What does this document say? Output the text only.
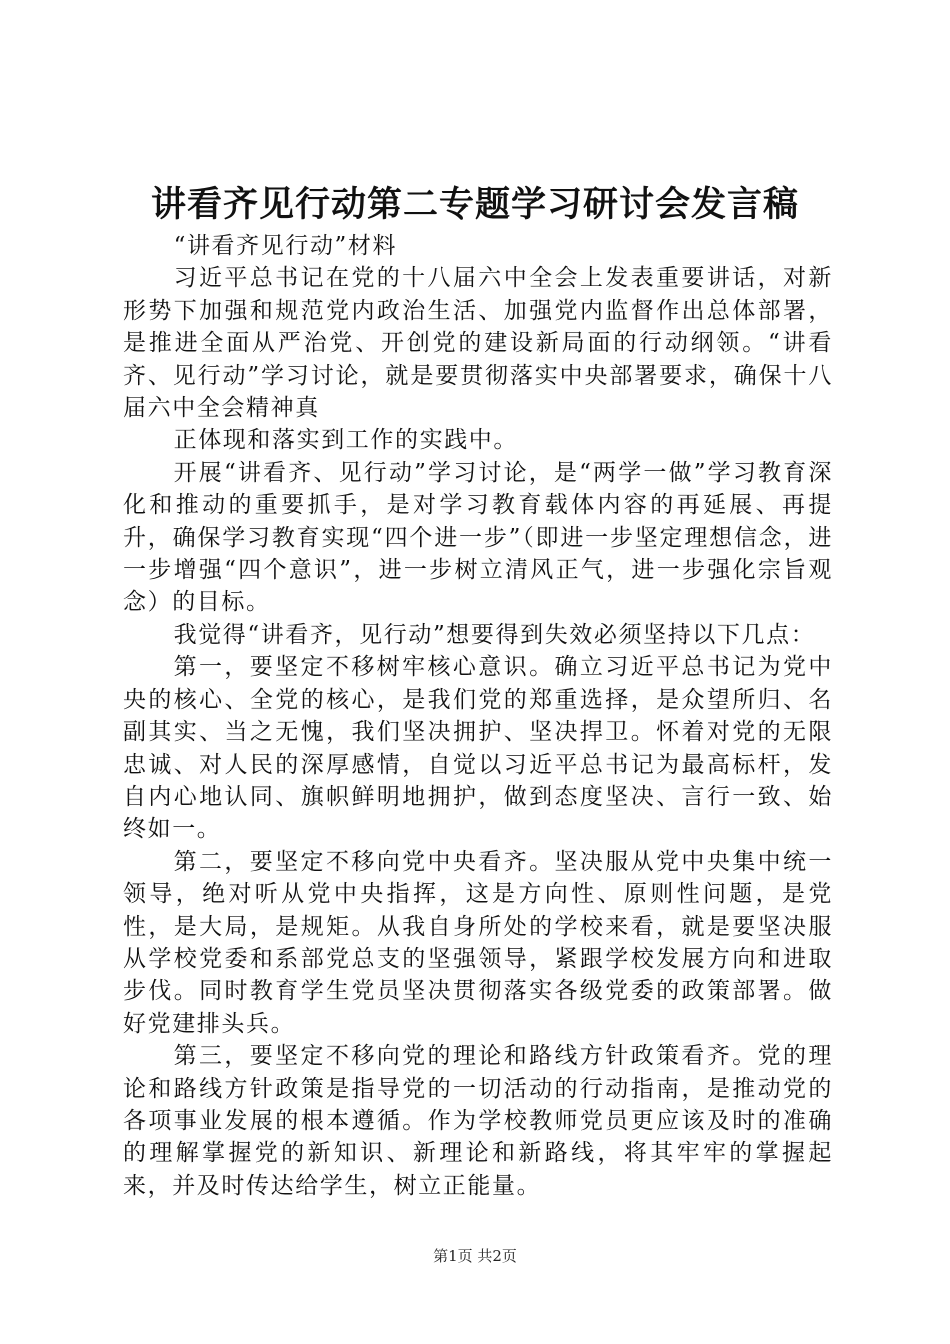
讲看齐见行动第二专题学习研讨会发言稿

“讲看齐见行动”材料

习近平总书记在党的十八届六中全会上发表重要讲话，对新形势下加强和规范党内政治生活、加强党内监督作出总体部署，是推进全面从严治党、开创党的建设新局面的行动纲领。“讲看齐、见行动”学习讨论，就是要贯彻落实中央部署要求，确保十八届六中全会精神真

正体现和落实到工作的实践中。

开展“讲看齐、见行动”学习讨论，是“两学一做”学习教育深化和推动的重要抓手，是对学习教育载体内容的再延展、再提升，确保学习教育实现“四个进一步”（即进一步坚定理想信念，进一步增强“四个意识”，进一步树立清风正气，进一步强化宗旨观念）的目标。

我觉得“讲看齐，见行动”想要得到失效必须坚持以下几点：

第一，要坚定不移树牢核心意识。确立习近平总书记为党中央的核心、全党的核心，是我们党的郑重选择，是众望所归、名副其实、当之无愧，我们坚决拥护、坚决捍卫。怀着对党的无限忠诚、对人民的深厚感情，自觉以习近平总书记为最高标杆，发自内心地认同、旗帜鲜明地拥护，做到态度坚决、言行一致、始终如一。

第二，要坚定不移向党中央看齐。坚决服从党中央集中统一领导，绝对听从党中央指挥，这是方向性、原则性问题，是党性，是大局，是规矩。从我自身所处的学校来看，就是要坚决服从学校党委和系部党总支的坚强领导，紧跟学校发展方向和进取步伐。同时教育学生党员坚决贯彻落实各级党委的政策部署。做好党建排头兵。

第三，要坚定不移向党的理论和路线方针政策看齐。党的理论和路线方针政策是指导党的一切活动的行动指南，是推动党的各项事业发展的根本遵循。作为学校教师党员更应该及时的准确的理解掌握党的新知识、新理论和新路线，将其牢牢的掌握起来，并及时传达给学生，树立正能量。

第1页 共2页
